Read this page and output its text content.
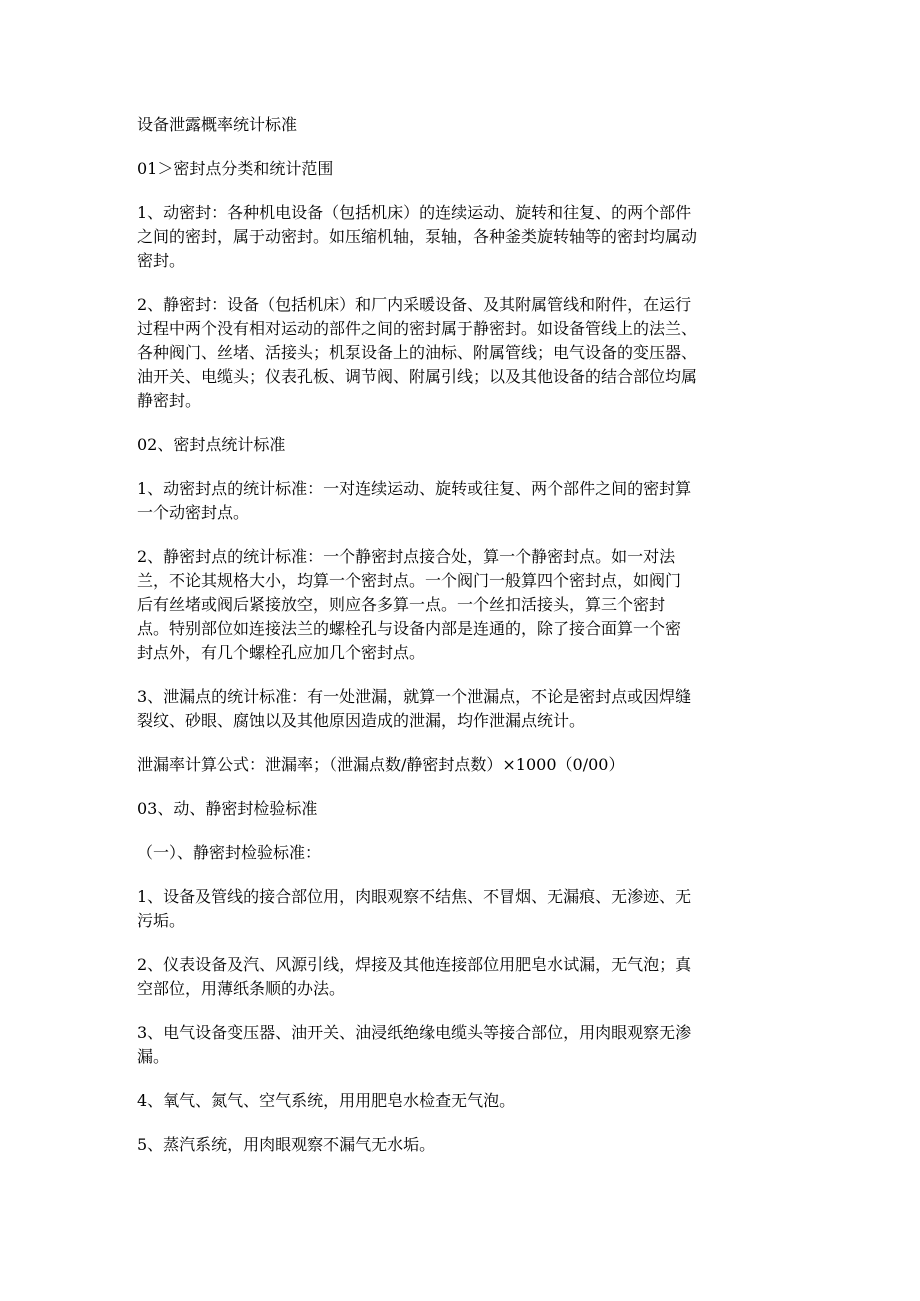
设备泄露概率统计标准

01＞密封点分类和统计范围

1、动密封：各种机电设备（包括机床）的连续运动、旋转和往复、的两个部件
之间的密封，属于动密封。如压缩机轴，泵轴，各种釜类旋转轴等的密封均属动
密封。

2、静密封：设备（包括机床）和厂内采暖设备、及其附属管线和附件，在运行
过程中两个没有相对运动的部件之间的密封属于静密封。如设备管线上的法兰、
各种阀门、丝堵、活接头；机泵设备上的油标、附属管线；电气设备的变压器、
油开关、电缆头；仪表孔板、调节阀、附属引线；以及其他设备的结合部位均属
静密封。

02、密封点统计标准

1、动密封点的统计标准：一对连续运动、旋转或往复、两个部件之间的密封算
一个动密封点。

2、静密封点的统计标准：一个静密封点接合处，算一个静密封点。如一对法
兰，不论其规格大小，均算一个密封点。一个阀门一般算四个密封点，如阀门
后有丝堵或阀后紧接放空，则应各多算一点。一个丝扣活接头，算三个密封
点。特别部位如连接法兰的螺栓孔与设备内部是连通的，除了接合面算一个密
封点外，有几个螺栓孔应加几个密封点。

3、泄漏点的统计标准：有一处泄漏，就算一个泄漏点，不论是密封点或因焊缝
裂纹、砂眼、腐蚀以及其他原因造成的泄漏，均作泄漏点统计。

泄漏率计算公式：泄漏率；（泄漏点数/静密封点数）×1000（0/00）

03、动、静密封检验标准

（一）、静密封检验标准：

1、设备及管线的接合部位用，肉眼观察不结焦、不冒烟、无漏痕、无渗迹、无
污垢。

2、仪表设备及汽、风源引线，焊接及其他连接部位用肥皂水试漏，无气泡；真
空部位，用薄纸条顺的办法。

3、电气设备变压器、油开关、油浸纸绝缘电缆头等接合部位，用肉眼观察无渗
漏。

4、氧气、氮气、空气系统，用用肥皂水检查无气泡。

5、蒸汽系统，用肉眼观察不漏气无水垢。
